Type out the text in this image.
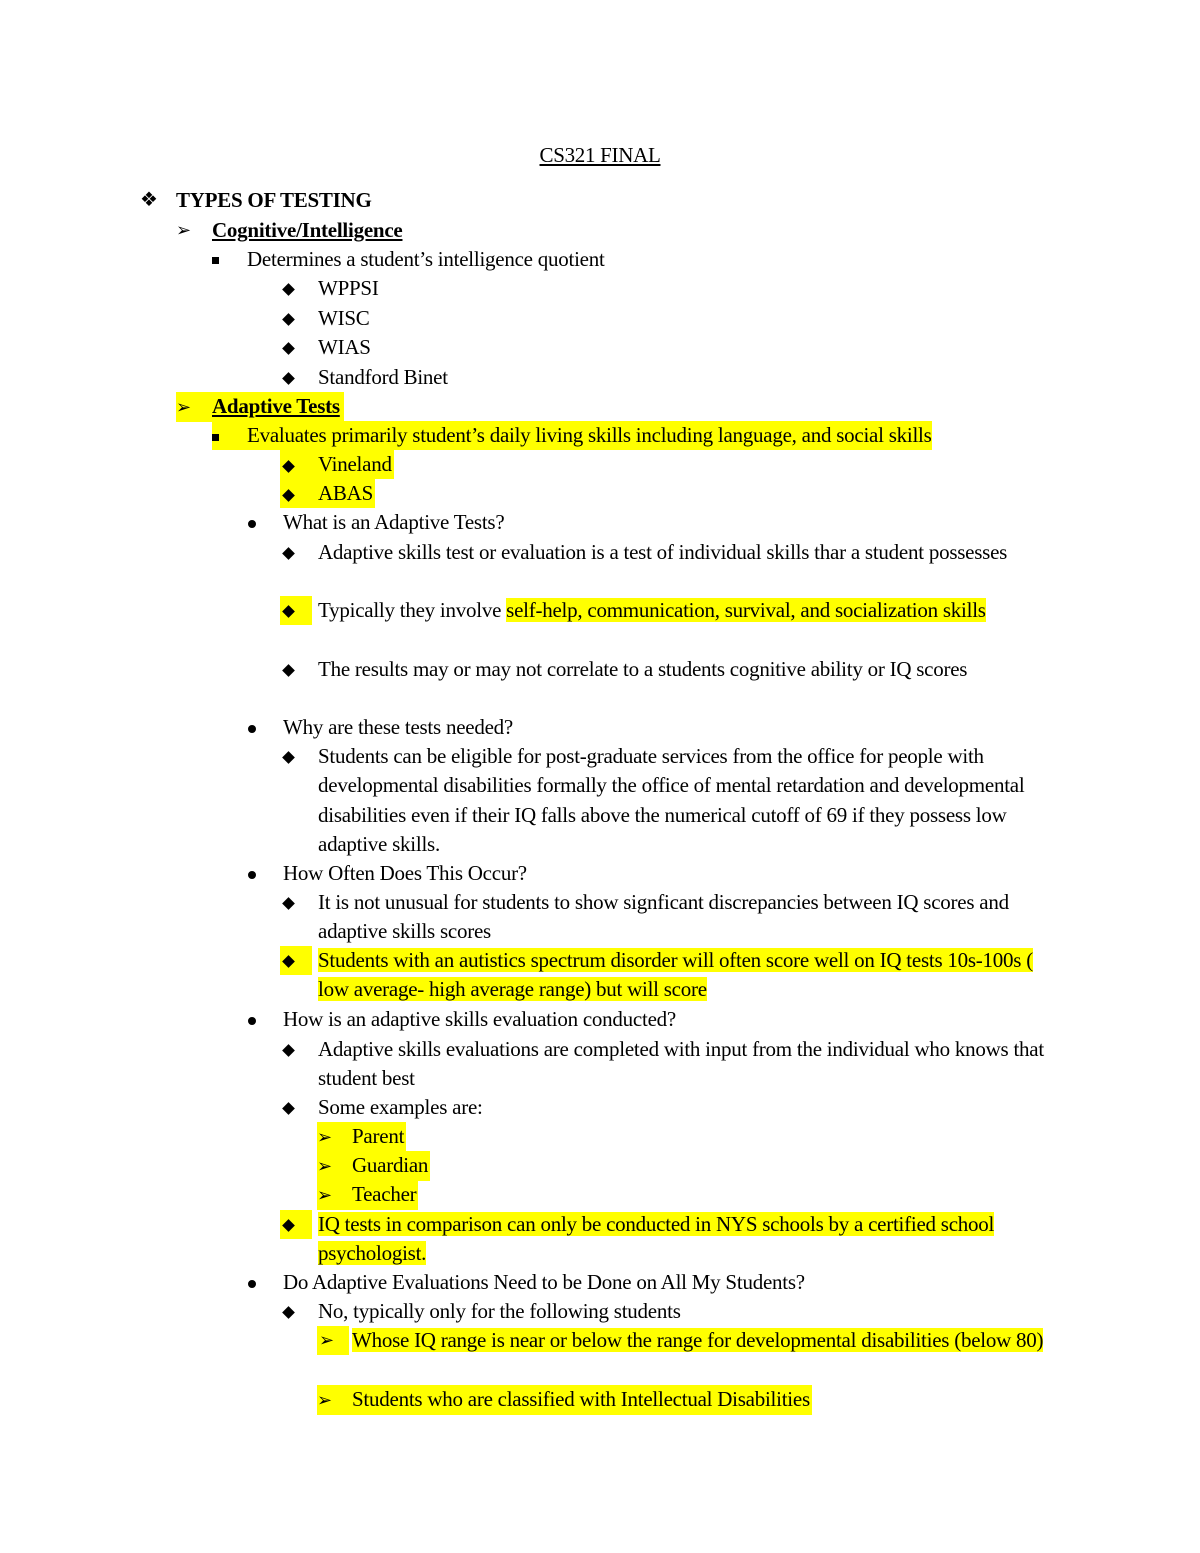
CS321 FINAL
❖ TYPES OF TESTING
➢ Cognitive/Intelligence
Determines a student’s intelligence quotient
WPPSI
WISC
WIAS
Standford Binet
➢ Adaptive Tests
Evaluates primarily student’s daily living skills including language, and social skills
Vineland
ABAS
What is an Adaptive Tests?
Adaptive skills test or evaluation is a test of individual skills thar a student possesses
Typically they involve self-help, communication, survival, and socialization skills
The results may or may not correlate to a students cognitive ability or IQ scores
Why are these tests needed?
Students can be eligible for post-graduate services from the office for people with developmental disabilities formally the office of mental retardation and developmental disabilities even if their IQ falls above the numerical cutoff of 69 if they possess low adaptive skills.
How Often Does This Occur?
It is not unusual for students to show signficant discrepancies between IQ scores and adaptive skills scores
Students with an autistics spectrum disorder will often score well on IQ tests 10s-100s ( low average- high average range) but will score
How is an adaptive skills evaluation conducted?
Adaptive skills evaluations are completed with input from the individual who knows that student best
Some examples are:
➢ Parent
➢ Guardian
➢ Teacher
IQ tests in comparison can only be conducted in NYS schools by a certified school psychologist.
Do Adaptive Evaluations Need to be Done on All My Students?
No, typically only for the following students
➢ Whose IQ range is near or below the range for developmental disabilities (below 80)
➢ Students who are classified with Intellectual Disabilities
